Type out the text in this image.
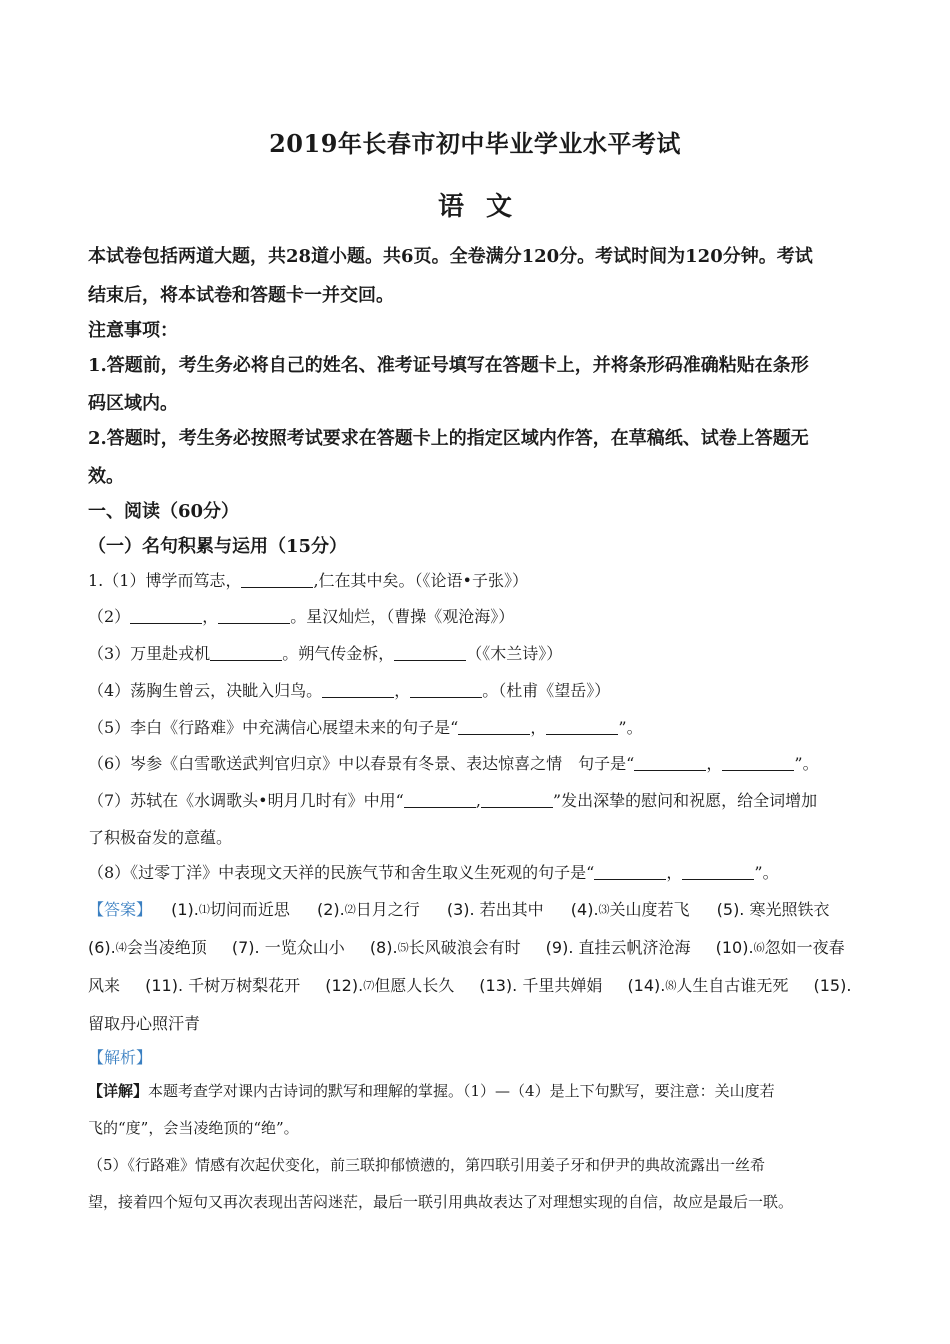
2019年长春市初中毕业学业水平考试
语文
本试卷包括两道大题，共28道小题。共6页。全卷满分120分。考试时间为120分钟。考试
结束后，将本试卷和答题卡一并交回。
注意事项：
1.答题前，考生务必将自己的姓名、准考证号填写在答题卡上，并将条形码准确粘贴在条形
码区域内。
2.答题时，考生务必按照考试要求在答题卡上的指定区域内作答，在草稿纸、试卷上答题无
效。
一、阅读（60分）
（一）名句积累与运用（15分）
1.（1）博学而笃志，	,仁在其中矣。（《论语•子张》）
（2）	，	。星汉灿烂，（曹操《观沧海》）
（3）万里赴戎机	。朔气传金柝，	（《木兰诗》）
（4）荡胸生曾云，决眦入归鸟。	，	。（杜甫《望岳》）
（5）李白《行路难》中充满信心展望未来的句子是“	，	”。
（6）岑参《白雪歌送武判官归京》中以春景有冬景、表达惊喜之情　句子是“	，	”。
（7）苏轼在《水调歌头•明月几时有》中用“	,	”发出深挚的慰问和祝愿，给全词增加
了积极奋发的意蕴。
（8）《过零丁洋》中表现文天祥的民族气节和舍生取义生死观的句子是“	，	”。
【答案】 (1).⑴切问而近思 (2).⑵日月之行 (3). 若出其中 (4).⑶关山度若飞 (5). 寒光照铁衣
(6).⑷会当凌绝顶 (7). 一览众山小 (8).⑸长风破浪会有时 (9). 直挂云帆济沧海 (10).⑹忽如一夜春
风来 (11). 千树万树梨花开 (12).⑺但愿人长久 (13). 千里共婵娟 (14).⑻人生自古谁无死 (15).
留取丹心照汗青
【解析】
【详解】本题考查学对课内古诗词的默写和理解的掌握。（1）—（4）是上下句默写，要注意：关山度若
飞的“度”，会当凌绝顶的“绝”。
（5）《行路难》情感有次起伏变化，前三联抑郁愤懑的，第四联引用姜子牙和伊尹的典故流露出一丝希
望，接着四个短句又再次表现出苦闷迷茫，最后一联引用典故表达了对理想实现的自信，故应是最后一联。
